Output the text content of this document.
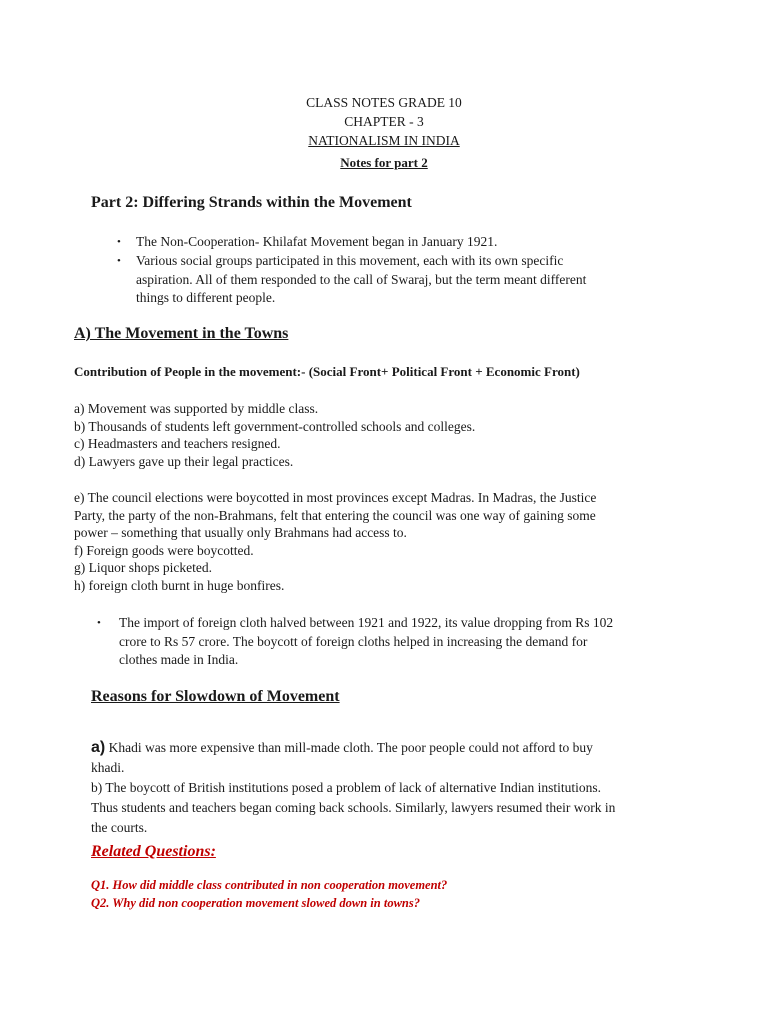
CLASS NOTES GRADE 10
CHAPTER - 3
NATIONALISM IN INDIA
Notes for part 2
Part 2: Differing Strands within the Movement
• The Non-Cooperation- Khilafat Movement began in January 1921.
• Various social groups participated in this movement, each with its own specific
aspiration. All of them responded to the call of Swaraj, but the term meant different
things to different people.
A) The Movement in the Towns
Contribution of People in the movement:- (Social Front+ Political Front + Economic Front)
a) Movement was supported by middle class.
b) Thousands of students left government-controlled schools and colleges.
c) Headmasters and teachers resigned.
d) Lawyers gave up their legal practices.
e) The council elections were boycotted in most provinces except Madras. In Madras, the Justice
Party, the party of the non-Brahmans, felt that entering the council was one way of gaining some
power – something that usually only Brahmans had access to.
f) Foreign goods were boycotted.
g) Liquor shops picketed.
h) foreign cloth burnt in huge bonfires.
• The import of foreign cloth halved between 1921 and 1922, its value dropping from Rs 102
crore to Rs 57 crore. The boycott of foreign cloths helped in increasing the demand for
clothes made in India.
Reasons for Slowdown of Movement
a) Khadi was more expensive than mill-made cloth. The poor people could not afford to buy
khadi.
b) The boycott of British institutions posed a problem of lack of alternative Indian institutions.
Thus students and teachers began coming back schools. Similarly, lawyers resumed their work in
the courts.
Related Questions:
Q1. How did middle class contributed in non cooperation movement?
Q2. Why did non cooperation movement slowed down in towns?
